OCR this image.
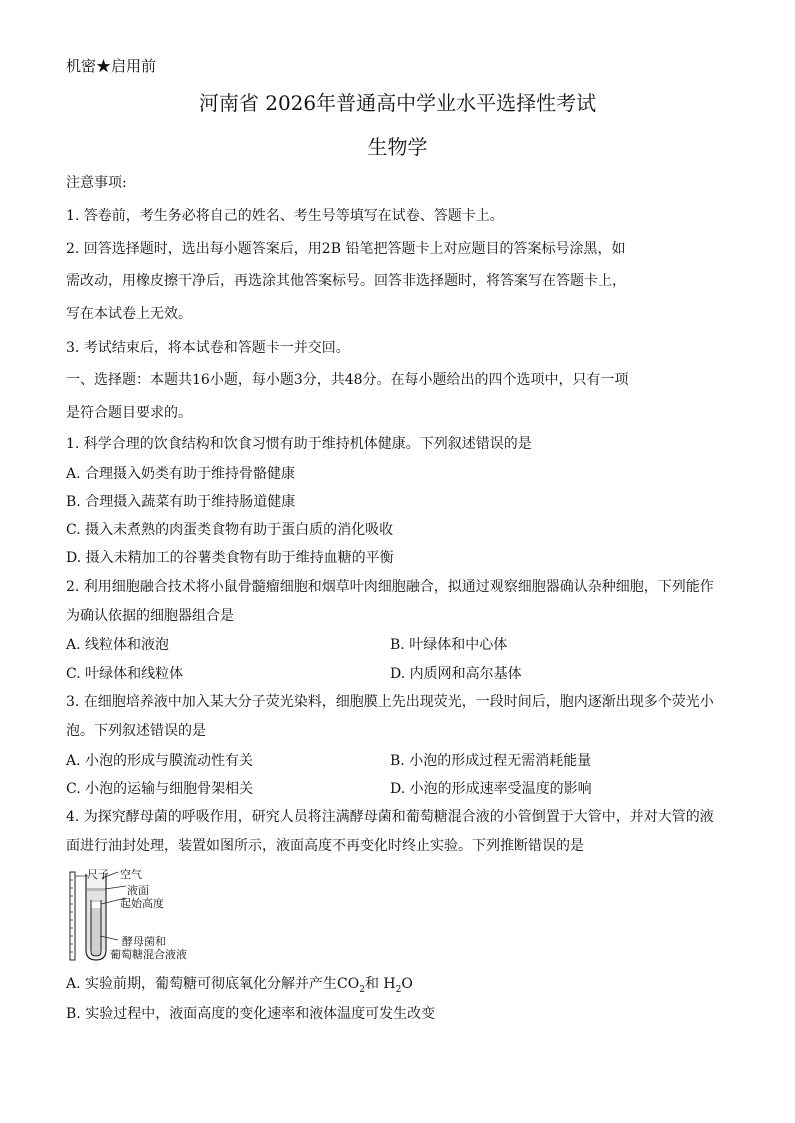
机密★启用前
河南省 2026年普通高中学业水平选择性考试
生物学
注意事项:
1. 答卷前，考生务必将自己的姓名、考生号等填写在试卷、答题卡上。
2. 回答选择题时，选出每小题答案后，用2B 铅笔把答题卡上对应题目的答案标号涂黑，如
需改动，用橡皮擦干净后，再选涂其他答案标号。回答非选择题时，将答案写在答题卡上，
写在本试卷上无效。
3. 考试结束后，将本试卷和答题卡一并交回。
一、选择题：本题共16小题，每小题3分，共48分。在每小题给出的四个选项中，只有一项
是符合题目要求的。
1. 科学合理的饮食结构和饮食习惯有助于维持机体健康。下列叙述错误的是
A. 合理摄入奶类有助于维持骨骼健康
B. 合理摄入蔬菜有助于维持肠道健康
C. 摄入未煮熟的肉蛋类食物有助于蛋白质的消化吸收
D. 摄入未精加工的谷薯类食物有助于维持血糖的平衡
2. 利用细胞融合技术将小鼠骨髓瘤细胞和烟草叶肉细胞融合，拟通过观察细胞器确认杂种细胞，下列能作
为确认依据的细胞器组合是
A. 线粒体和液泡	B. 叶绿体和中心体
C. 叶绿体和线粒体	D. 内质网和高尔基体
3. 在细胞培养液中加入某大分子荧光染料，细胞膜上先出现荧光，一段时间后，胞内逐渐出现多个荧光小
泡。下列叙述错误的是
A. 小泡的形成与膜流动性有关	B. 小泡的形成过程无需消耗能量
C. 小泡的运输与细胞骨架相关	D. 小泡的形成速率受温度的影响
4. 为探究酵母菌的呼吸作用，研究人员将注满酵母菌和葡萄糖混合液的小管倒置于大管中，并对大管的液
面进行油封处理，装置如图所示，液面高度不再变化时终止实验。下列推断错误的是
尺子 空气
液面
起始高度
酵母菌和
葡萄糖混合液液
A. 实验前期，葡萄糖可彻底氧化分解并产生$CO_2$和 $H_2O$
B. 实验过程中，液面高度的变化速率和液体温度可发生改变
